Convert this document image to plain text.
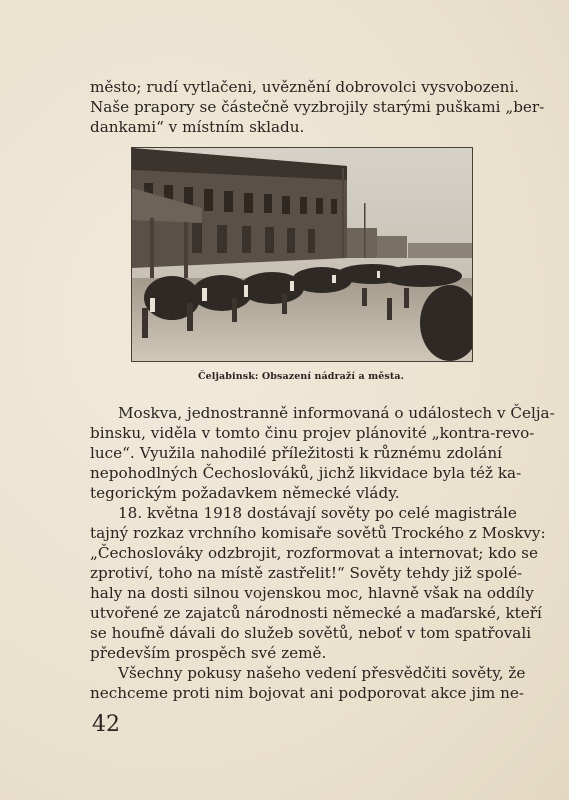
město; rudí vytlačeni, uvěznění dobrovolci vysvobozeni.
Naše prapory se částečně vyzbrojily starými puškami „ber-
dankami“ v místním skladu.
Čeljabinsk: Obsazení nádraží a města.
Moskva, jednostranně informovaná o událostech v Čelja-
binsku, viděla v tomto činu projev plánovité „kontra-revo-
luce“. Využila nahodilé příležitosti k různému zdolání
nepohodlných Čechoslováků, jichž likvidace byla též ka-
tegorickým požadavkem německé vlády.
18. května 1918 dostávají sověty po celé magistrále
tajný rozkaz vrchního komisaře sovětů Trockého z Moskvy:
„Čechoslováky odzbrojit, rozformovat a internovat; kdo se
zprotiví, toho na místě zastřelit!“ Sověty tehdy již spolé-
haly na dosti silnou vojenskou moc, hlavně však na oddíly
utvořené ze zajatců národnosti německé a maďarské, kteří
se houfně dávali do služeb sovětů, neboť v tom spatřovali
především prospěch své země.
Všechny pokusy našeho vedení přesvědčiti sověty, že
nechceme proti nim bojovat ani podporovat akce jim ne-
42
